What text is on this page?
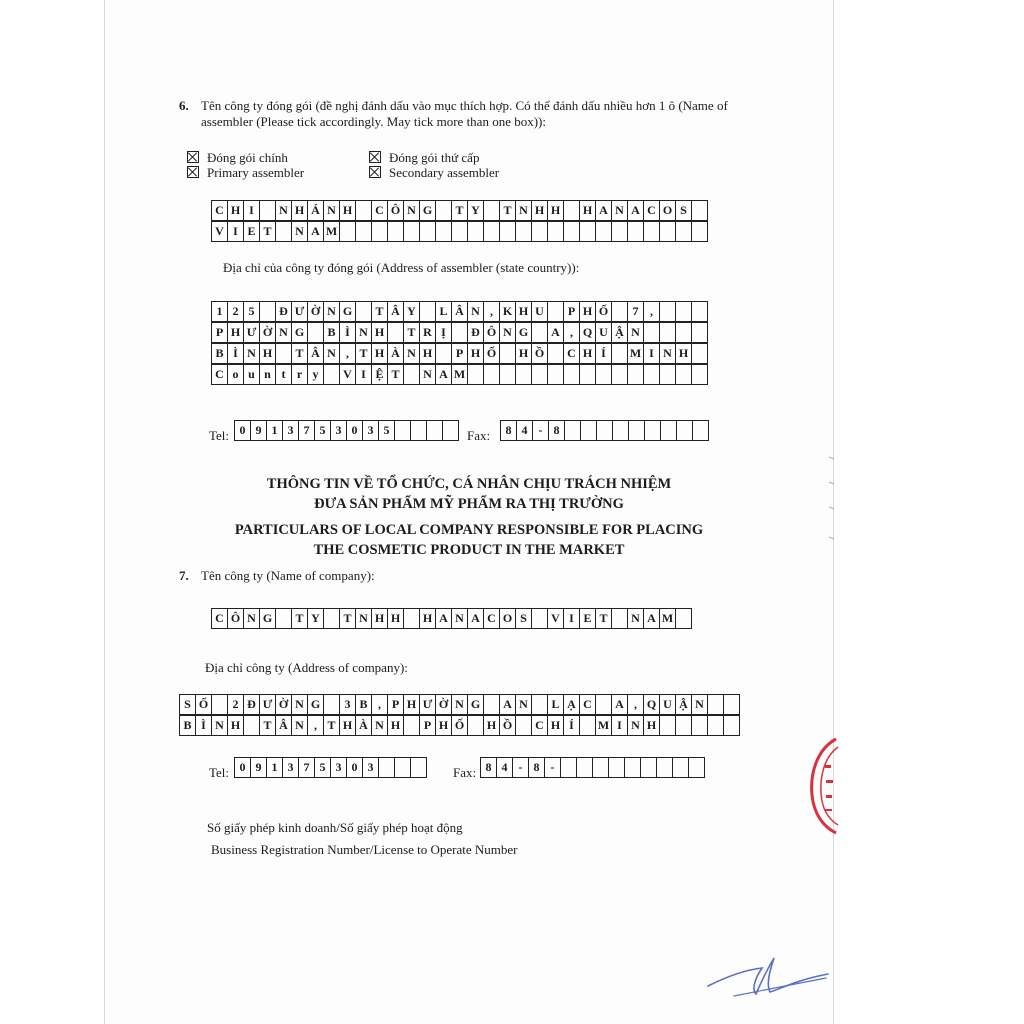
6. Tên công ty đóng gói (đề nghị đánh dấu vào mục thích hợp. Có thể đánh dấu nhiều hơn 1 ô (Name of
assembler (Please tick accordingly. May tick more than one box)):
Đóng gói chính
Primary assembler
Đóng gói thứ cấp
Secondary assembler
C H I	N H Á N H	C Ô N G	T Y	T N H H	H A N A C O S
V I E T	N A M
Địa chỉ của công ty đóng gói (Address of assembler (state country)):
1 2 5	Đ Ư Ờ N G	T Â Y	L Â N , K H U	P H Ố	7 ,
P H Ư Ờ N G	B Ì N H	T R Ị	Đ Ô N G	A , Q U Ậ N
B Ì N H	T Â N , T H À N H	P H Ố	H Ồ	C H Í	M I N H
C o u n t r y	V I Ệ T	N A M
Tel: 0 9 1 3 7 5 3 0 3 5	Fax:	8 4 - 8
THÔNG TIN VỀ TỔ CHỨC, CÁ NHÂN CHỊU TRÁCH NHIỆM
ĐƯA SẢN PHẨM MỸ PHẨM RA THỊ TRƯỜNG
PARTICULARS OF LOCAL COMPANY RESPONSIBLE FOR PLACING
THE COSMETIC PRODUCT IN THE MARKET
7. Tên công ty (Name of company):
C Ô N G	T Y	T N H H	H A N A C O S	V I E T	N A M
Địa chỉ công ty (Address of company):
S Ố	2 Đ Ư Ờ N G	3 B , P H Ư Ờ N G	A N	L Ạ C	A , Q U Ậ N
B Ì N H	T Â N , T H À N H	P H Ố	H Ồ	C H Í	M I N H
Tel: 0 9 1 3 7 5 3 0 3	Fax: 8 4 - 8 -
Số giấy phép kinh doanh/Số giấy phép hoạt động
Business Registration Number/License to Operate Number
